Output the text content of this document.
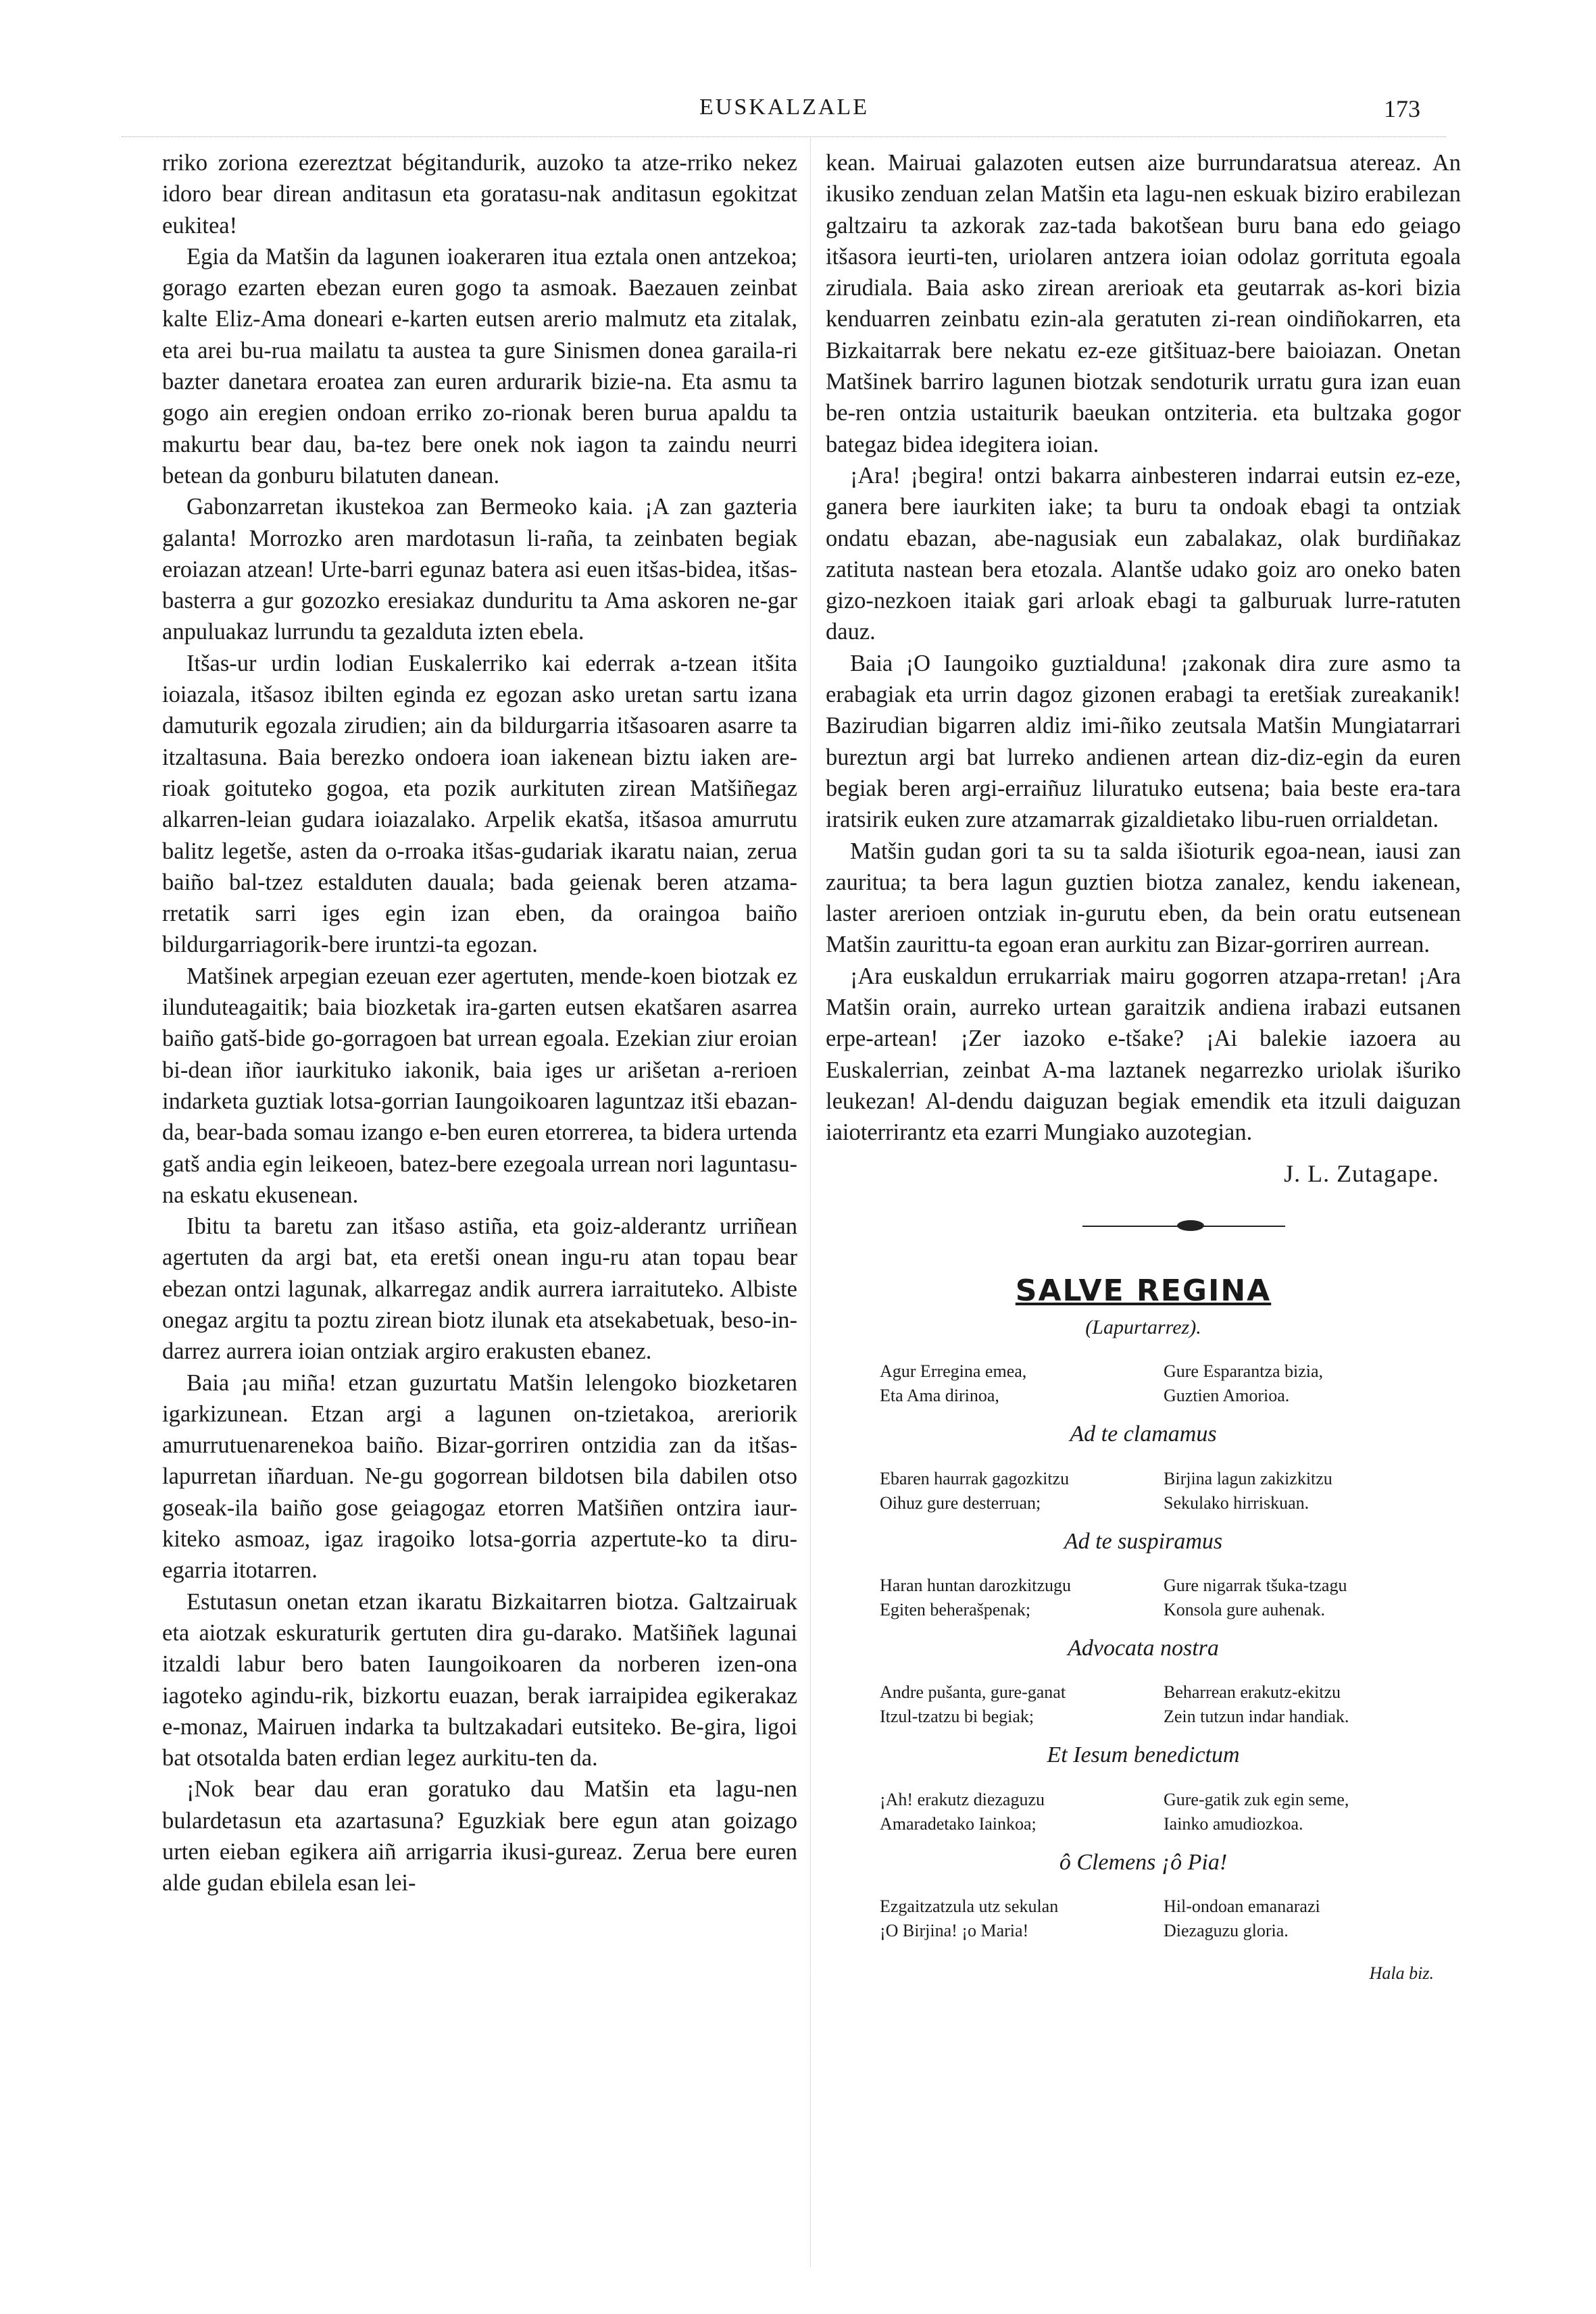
EUSKALZALE	173

rriko zoriona ezereztzat bégitandurik, auzoko ta atze-rriko nekez idoro bear direan anditasun eta goratasu-nak anditasun egokitzat eukitea!

Egia da Matšin da lagunen ioakeraren itua eztala onen antzekoa; gorago ezarten ebezan euren gogo ta asmoak. Baezauen zeinbat kalte Eliz-Ama doneari e-karten eutsen arerio malmutz eta zitalak, eta arei bu-rua mailatu ta austea ta gure Sinismen donea garaila-ri bazter danetara eroatea zan euren ardurarik bizie-na. Eta asmu ta gogo ain eregien ondoan erriko zo-rionak beren burua apaldu ta makurtu bear dau, ba-tez bere onek nok iagon ta zaindu neurri betean da gonburu bilatuten danean.

Gabonzarretan ikustekoa zan Bermeoko kaia. ¡A zan gazteria galanta! Morrozko aren mardotasun li-raña, ta zeinbaten begiak eroiazan atzean! Urte-barri egunaz batera asi euen itšas-bidea, itšas-basterra a gur gozozko eresiakaz dunduritu ta Ama askoren ne-gar anpuluakaz lurrundu ta gezaldutа izten ebela.

Itšas-ur urdin lodian Euskalerriko kai ederrak a-tzean itšita ioiazala, itšasoz ibilten eginda ez egozan asko uretan sartu izana damuturik egozala zirudien; ain da bildurgarria itšasoaren asarre ta itzaltasuna. Baia berezko ondoera ioan iakenean biztu iaken are-rioak goituteko gogoa, eta pozik aurkituten zirean Matšiñegaz alkarren-leian gudara ioiazalako. Arpelik ekatša, itšasoa amurrutu balitz legetše, asten da o-rroaka itšas-gudariak ikaratu naian, zerua baiño bal-tzez estalduten dauala; bada geienak beren atzama-rretatik sarri iges egin izan eben, da oraingoa baiño bildurgarriagorik-bere iruntzi-ta egozan.

Matšinek arpegian ezeuan ezer agertuten, mende-koen biotzak ez ilunduteagaitik; baia biozketak ira-garten eutsen ekatšaren asarrea baiño gatš-bide go-gorragoen bat urrean egoala. Ezekian ziur eroian bi-dean iñor iaurkituko iakonik, baia iges ur arišetan a-rerioen indarketa guztiak lotsa-gorrian Iaungoikoaren laguntzaz itši ebazan-da, bear-bada somau izango e-ben euren etorrerea, ta bidera urtenda gatš andia egin leikeoen, batez-bere ezegoala urrean nori laguntasu-na eskatu ekusenean.

Ibitu ta baretu zan itšaso astiña, eta goiz-alderantz urriñean agertuten da argi bat, eta eretši onean ingu-ru atan topau bear ebezan ontzi lagunak, alkarregaz andik aurrera iarraituteko. Albiste onegaz argitu ta poztu zirean biotz ilunak eta atsekabetuak, beso-in-darrez aurrera ioian ontziak argiro erakusten ebanez.

Baia ¡au miña! etzan guzurtatu Matšin lelengoko biozketaren igarkizunean. Etzan argi a lagunen on-tzietakoa, areriorik amurrutuenarenekoa baiño. Bizar-gorriren ontzidia zan da itšas-lapurretan iñarduan. Ne-gu gogorrean bildotsen bila dabilen otso goseak-ila baiño gose geiagogaz etorren Matšiñen ontzira iaur-kiteko asmoaz, igaz iragoiko lotsa-gorria azpertute-ko ta diru-egarria itotarren.

Estutasun onetan etzan ikaratu Bizkaitarren biotza. Galtzairuak eta aiotzak eskuraturik gertuten dira gu-darako. Matšiñek lagunai itzaldi labur bero baten Iaungoikoaren da norberen izen-ona iagoteko agindu-rik, bizkortu euazan, berak iarraipidea egikerakaz e-monaz, Mairuen indarka ta bultzakadari eutsiteko. Be-gira, ligoi bat otsotalda baten erdian legez aurkitu-ten da.

¡Nok bear dau eran goratuko dau Matšin eta lagu-nen bulardetasun eta azartasuna? Eguzkiak bere egun atan goizago urten eieban egikera aiñ arrigarria ikusi-gureaz. Zerua bere euren alde gudan ebilela esan lei-

kean. Mairuai galazoten eutsen aize burrundaratsua atereaz. An ikusiko zenduan zelan Matšin eta lagu-nen eskuak biziro erabilezan galtzairu ta azkorak zaz-tada bakotšean buru bana edo geiago itšasora ieurti-ten, uriolaren antzera ioian odolaz gorrituta egoala zirudiala. Baia asko zirean arerioak eta geutarrak as-kori bizia kenduarren zeinbatu ezin-ala geratuten zi-rean oindiñokarren, eta Bizkaitarrak bere nekatu ez-eze gitšituaz-bere baioiazan. Onetan Matšinek barriro lagunen biotzak sendoturik urratu gura izan euan be-ren ontzia ustaiturik baeukan ontziteria. eta bultzaka gogor bategaz bidea idegitera ioian.

¡Ara! ¡begira! ontzi bakarra ainbesteren indarrai eutsin ez-eze, ganera bere iaurkiten iake; ta buru ta ondoak ebagi ta ontziak ondatu ebazan, abe-nagusiak eun zabalakaz, olak burdiñakaz zatituta nastean bera etozala. Alantše udako goiz aro oneko baten gizo-nezkoen itaiak gari arloak ebagi ta galburuak lurre-ratuten dauz.

Baia ¡O Iaungoiko guztialduna! ¡zakonak dira zure asmo ta erabagiak eta urrin dagoz gizonen erabagi ta eretšiak zureakanik! Bazirudian bigarren aldiz imi-ñiko zeutsala Matšin Mungiatarrari bureztun argi bat lurreko andienen artean diz-diz-egin da euren begiak beren argi-erraiñuz liluratuko eutsena; baia beste era-tara iratsirik euken zure atzamarrak gizaldietako libu-ruen orrialdetan.

Matšin gudan gori ta su ta salda išioturik egoa-nean, iausi zan zaurituа; ta bera lagun guztien biotza zanalez, kendu iakenean, laster arerioen ontziak in-gurutu eben, da bein oratu eutsenean Matšin zaurittu-ta egoan eran aurkitu zan Bizar-gorriren aurrean.

¡Ara euskaldun errukarriak mairu gogorren atzapa-rretan! ¡Ara Matšin orain, aurreko urtean garaitzik andiena irabazi eutsanen erpe-artean! ¡Zer iazoko e-tšake? ¡Ai balekie iazoera au Euskalerrian, zeinbat A-ma laztanek negarrezko uriolak išuriko leukezan! Al-dendu daiguzan begiak emendik eta itzuli daiguzan iaioterrirantz eta ezarri Mungiako auzotegian.

J. L. Zutagape.
SALVE REGINA
(Lapurtarrez).
Agur Erregina emea,	Gure Esparantza bizia,
Eta Ama dirinoa,	Guztien Amorioa.
Ad te clamamus
Ebaren haurrak gagozkitzu	Birjina lagun zakizkitzu
Oihuz gure desterruan;	Sekulako hirriskuan.
Ad te suspiramus
Haran huntan darozkitzugu	Gure nigarrak tšuka-tzagu
Egiten beherašpenak;	Konsola gure auhenak.
Advocata nostra
Andre pušanta, gure-ganat	Beharrean erakutz-ekitzu
Itzul-tzatzu bi begiak;	Zein tutzun indar handiak.
Et Iesum benedictum
¡Ah! erakutz diezaguzu	Gure-gatik zuk egin seme,
Amaradetako Iainkoa;	Iainko amudiozkoa.
ô Clemens ¡ô Pia!
Ezgaitzatzula utz sekulan	Hil-ondoan emanarazi
¡O Birjina! ¡o Maria!	Diezaguzu gloria.
Hala biz.
